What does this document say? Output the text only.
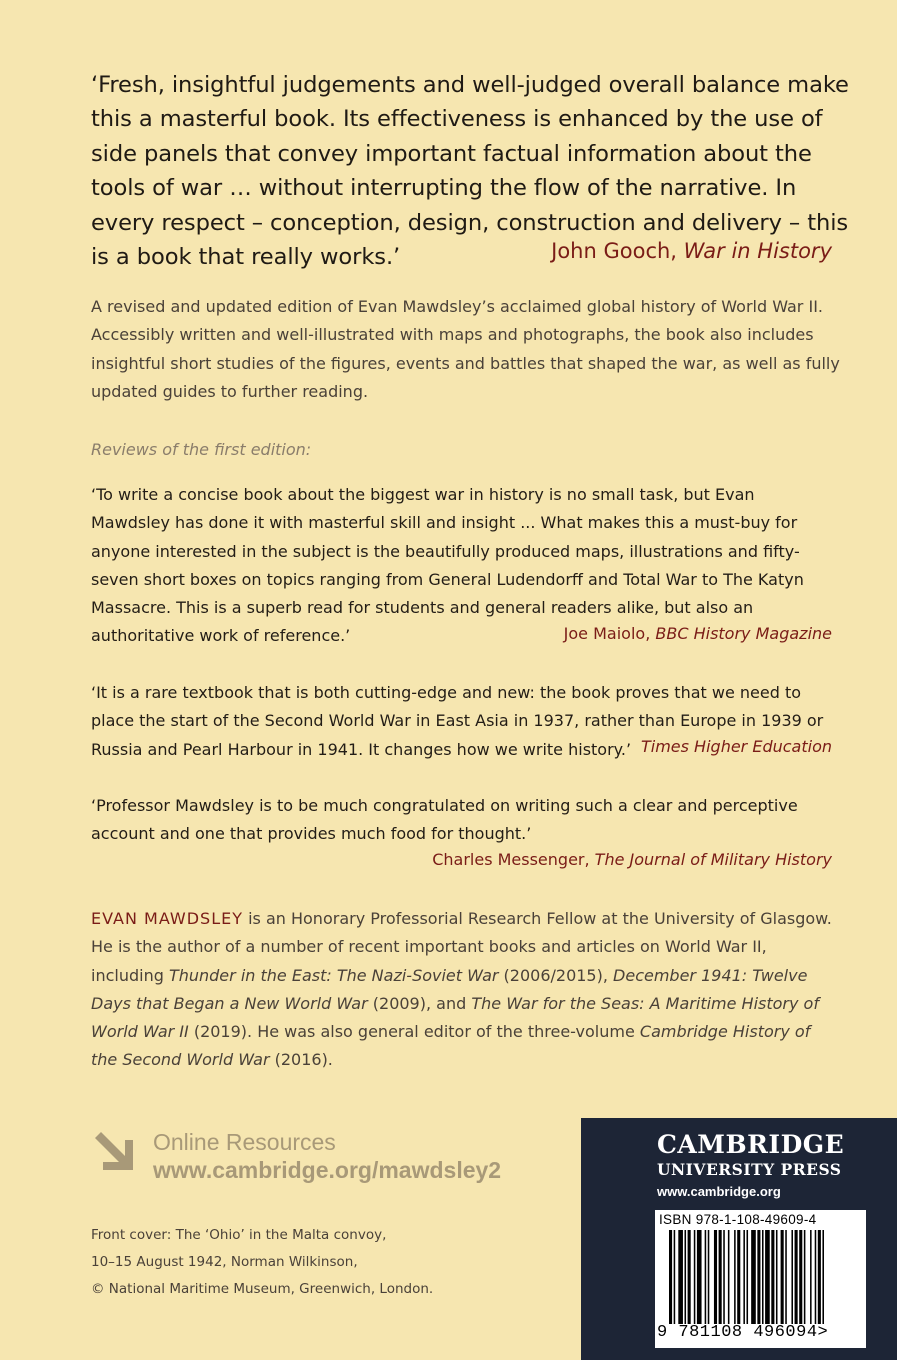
‘Fresh, insightful judgements and well-judged overall balance make this a masterful book. Its effectiveness is enhanced by the use of side panels that convey important factual information about the tools of war … without interrupting the flow of the narrative. In every respect – conception, design, construction and delivery – this is a book that really works.’	John Gooch, War in History

A revised and updated edition of Evan Mawdsley’s acclaimed global history of World War II. Accessibly written and well-illustrated with maps and photographs, the book also includes insightful short studies of the figures, events and battles that shaped the war, as well as fully updated guides to further reading.

Reviews of the first edition:

‘To write a concise book about the biggest war in history is no small task, but Evan Mawdsley has done it with masterful skill and insight ... What makes this a must-buy for anyone interested in the subject is the beautifully produced maps, illustrations and fifty-seven short boxes on topics ranging from General Ludendorff and Total War to The Katyn Massacre. This is a superb read for students and general readers alike, but also an authoritative work of reference.’	Joe Maiolo, BBC History Magazine

‘It is a rare textbook that is both cutting-edge and new: the book proves that we need to place the start of the Second World War in East Asia in 1937, rather than Europe in 1939 or Russia and Pearl Harbour in 1941. It changes how we write history.’ Times Higher Education

‘Professor Mawdsley is to be much congratulated on writing such a clear and perceptive account and one that provides much food for thought.’

Charles Messenger, The Journal of Military History

EVAN MAWDSLEY is an Honorary Professorial Research Fellow at the University of Glasgow. He is the author of a number of recent important books and articles on World War II, including Thunder in the East: The Nazi-Soviet War (2006/2015), December 1941: Twelve Days that Began a New World War (2009), and The War for the Seas: A Maritime History of World War II (2019). He was also general editor of the three-volume Cambridge History of the Second World War (2016).

Online Resources
www.cambridge.org/mawdsley2

Front cover: The ‘Ohio’ in the Malta convoy,

10–15 August 1942, Norman Wilkinson,

© National Maritime Museum, Greenwich, London.

CAMBRIDGE
UNIVERSITY PRESS
www.cambridge.org
ISBN 978-1-108-49609-4
9 781108 496094>
